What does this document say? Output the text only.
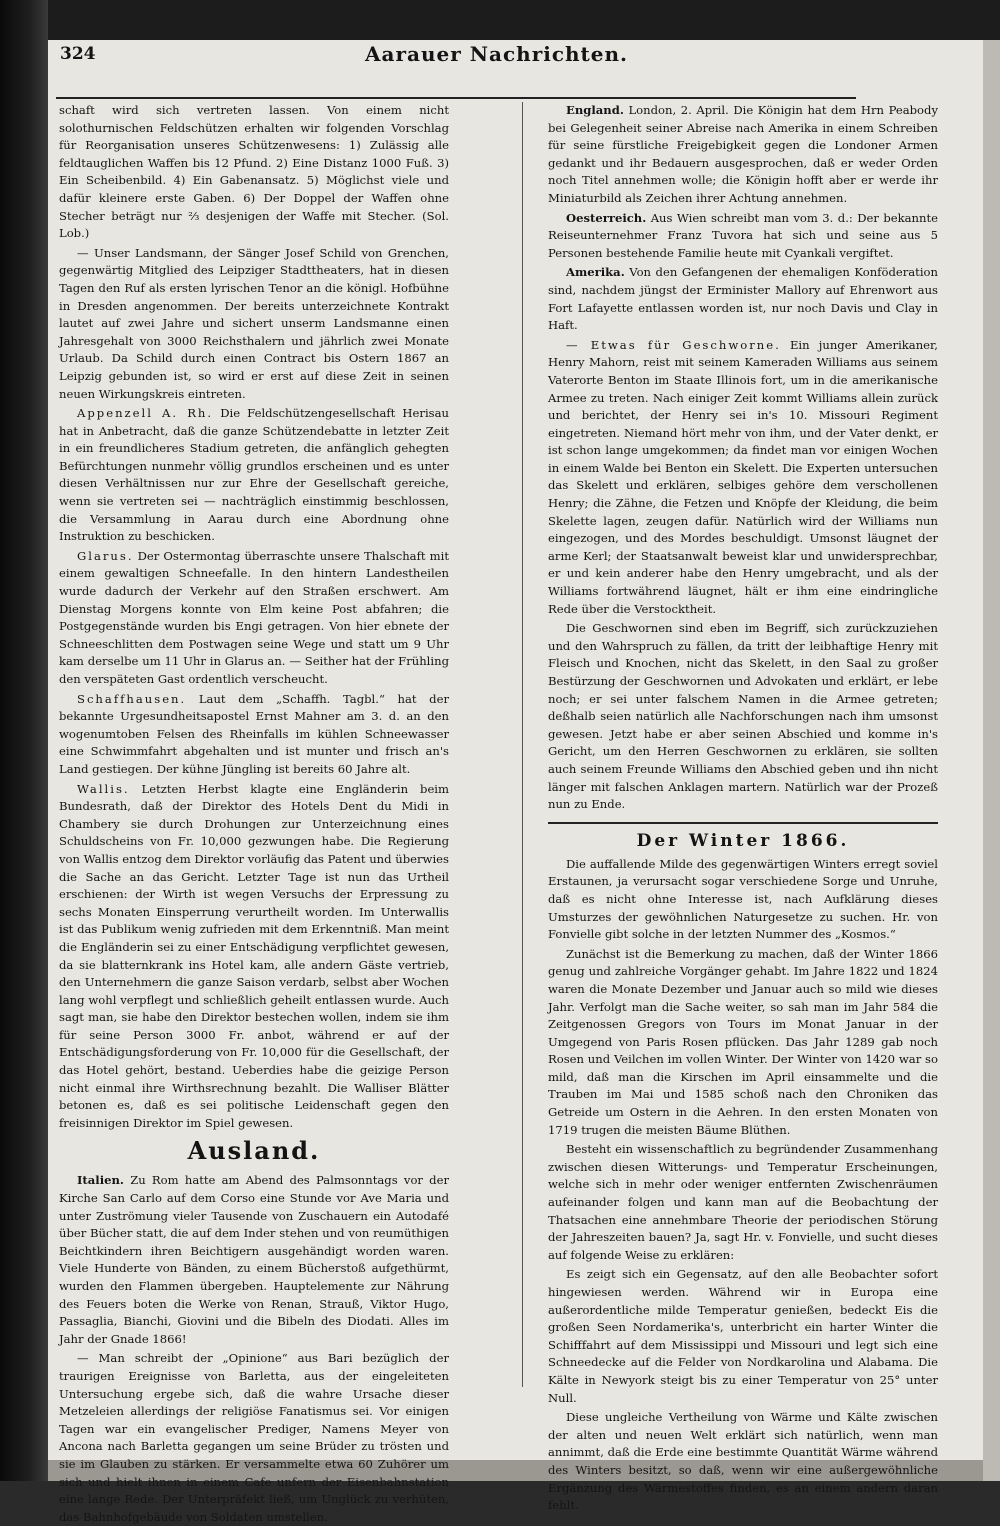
324	Aarauer Nachrichten.

schaft wird sich vertreten lassen. Von einem nicht solothurnischen Feldschützen erhalten wir folgenden Vorschlag für Reorganisation unseres Schützenwesens: 1) Zulässig alle feldtauglichen Waffen bis 12 Pfund. 2) Eine Distanz 1000 Fuß. 3) Ein Scheibenbild. 4) Ein Gabenansatz. 5) Möglichst viele und dafür kleinere erste Gaben. 6) Der Doppel der Waffen ohne Stecher beträgt nur ⅔ desjenigen der Waffe mit Stecher. (Sol. Lob.)

— Unser Landsmann, der Sänger Josef Schild von Grenchen, gegenwärtig Mitglied des Leipziger Stadttheaters, hat in diesen Tagen den Ruf als ersten lyrischen Tenor an die königl. Hofbühne in Dresden angenommen. Der bereits unterzeichnete Kontrakt lautet auf zwei Jahre und sichert unserm Landsmanne einen Jahresgehalt von 3000 Reichsthalern und jährlich zwei Monate Urlaub. Da Schild durch einen Contract bis Ostern 1867 an Leipzig gebunden ist, so wird er erst auf diese Zeit in seinen neuen Wirkungskreis eintreten.

Appenzell A. Rh. Die Feldschützengesellschaft Herisau hat in Anbetracht, daß die ganze Schützendebatte in letzter Zeit in ein freundlicheres Stadium getreten, die anfänglich gehegten Befürchtungen nunmehr völlig grundlos erscheinen und es unter diesen Verhältnissen nur zur Ehre der Gesellschaft gereiche, wenn sie vertreten sei — nachträglich einstimmig beschlossen, die Versammlung in Aarau durch eine Abordnung ohne Instruktion zu beschicken.

Glarus. Der Ostermontag überraschte unsere Thalschaft mit einem gewaltigen Schneefalle. In den hintern Landestheilen wurde dadurch der Verkehr auf den Straßen erschwert. Am Dienstag Morgens konnte von Elm keine Post abfahren; die Postgegenstände wurden bis Engi getragen. Von hier ebnete der Schneeschlitten dem Postwagen seine Wege und statt um 9 Uhr kam derselbe um 11 Uhr in Glarus an. — Seither hat der Frühling den verspäteten Gast ordentlich verscheucht.

Schaffhausen. Laut dem „Schaffh. Tagbl.“ hat der bekannte Urgesundheitsapostel Ernst Mahner am 3. d. an den wogenumtoben Felsen des Rheinfalls im kühlen Schneewasser eine Schwimmfahrt abgehalten und ist munter und frisch an's Land gestiegen. Der kühne Jüngling ist bereits 60 Jahre alt.

Wallis. Letzten Herbst klagte eine Engländerin beim Bundesrath, daß der Direktor des Hotels Dent du Midi in Chambery sie durch Drohungen zur Unterzeichnung eines Schuldscheins von Fr. 10,000 gezwungen habe. Die Regierung von Wallis entzog dem Direktor vorläufig das Patent und überwies die Sache an das Gericht. Letzter Tage ist nun das Urtheil erschienen: der Wirth ist wegen Versuchs der Erpressung zu sechs Monaten Einsperrung verurtheilt worden. Im Unterwallis ist das Publikum wenig zufrieden mit dem Erkenntniß. Man meint die Engländerin sei zu einer Entschädigung verpflichtet gewesen, da sie blatternkrank ins Hotel kam, alle andern Gäste vertrieb, den Unternehmern die ganze Saison verdarb, selbst aber Wochen lang wohl verpflegt und schließlich geheilt entlassen wurde. Auch sagt man, sie habe den Direktor bestechen wollen, indem sie ihm für seine Person 3000 Fr. anbot, während er auf der Entschädigungsforderung von Fr. 10,000 für die Gesellschaft, der das Hotel gehört, bestand. Ueberdies habe die geizige Person nicht einmal ihre Wirthsrechnung bezahlt. Die Walliser Blätter betonen es, daß es sei politische Leidenschaft gegen den freisinnigen Direktor im Spiel gewesen.

Ausland.

Italien. Zu Rom hatte am Abend des Palmsonntags vor der Kirche San Carlo auf dem Corso eine Stunde vor Ave Maria und unter Zuströmung vieler Tausende von Zuschauern ein Autodafé über Bücher statt, die auf dem Inder stehen und von reumüthigen Beichtkindern ihren Beichtigern ausgehändigt worden waren. Viele Hunderte von Bänden, zu einem Bücherstoß aufgethürmt, wurden den Flammen übergeben. Hauptelemente zur Nährung des Feuers boten die Werke von Renan, Strauß, Viktor Hugo, Passaglia, Bianchi, Giovini und die Bibeln des Diodati. Alles im Jahr der Gnade 1866!

— Man schreibt der „Opinione“ aus Bari bezüglich der traurigen Ereignisse von Barletta, aus der eingeleiteten Untersuchung ergebe sich, daß die wahre Ursache dieser Metzeleien allerdings der religiöse Fanatismus sei. Vor einigen Tagen war ein evangelischer Prediger, Namens Meyer von Ancona nach Barletta gegangen um seine Brüder zu trösten und sie im Glauben zu stärken. Er versammelte etwa 60 Zuhörer um sich und hielt ihnen in einem Cafe unfern der Eisenbahnstation eine lange Rede. Der Unterpräfekt ließ, um Unglück zu verhüten, das Bahnhofgebäude von Soldaten umstellen.

England. London, 2. April. Die Königin hat dem Hrn Peabody bei Gelegenheit seiner Abreise nach Amerika in einem Schreiben für seine fürstliche Freigebigkeit gegen die Londoner Armen gedankt und ihr Bedauern ausgesprochen, daß er weder Orden noch Titel annehmen wolle; die Königin hofft aber er werde ihr Miniaturbild als Zeichen ihrer Achtung annehmen.

Oesterreich. Aus Wien schreibt man vom 3. d.: Der bekannte Reiseunternehmer Franz Tuvora hat sich und seine aus 5 Personen bestehende Familie heute mit Cyankali vergiftet.

Amerika. Von den Gefangenen der ehemaligen Konföderation sind, nachdem jüngst der Erminister Mallory auf Ehrenwort aus Fort Lafayette entlassen worden ist, nur noch Davis und Clay in Haft.

— Etwas für Geschworne. Ein junger Amerikaner, Henry Mahorn, reist mit seinem Kameraden Williams aus seinem Vaterorte Benton im Staate Illinois fort, um in die amerikanische Armee zu treten. Nach einiger Zeit kommt Williams allein zurück und berichtet, der Henry sei in's 10. Missouri Regiment eingetreten. Niemand hört mehr von ihm, und der Vater denkt, er ist schon lange umgekommen; da findet man vor einigen Wochen in einem Walde bei Benton ein Skelett. Die Experten untersuchen das Skelett und erklären, selbiges gehöre dem verschollenen Henry; die Zähne, die Fetzen und Knöpfe der Kleidung, die beim Skelette lagen, zeugen dafür. Natürlich wird der Williams nun eingezogen, und des Mordes beschuldigt. Umsonst läugnet der arme Kerl; der Staatsanwalt beweist klar und unwidersprechbar, er und kein anderer habe den Henry umgebracht, und als der Williams fortwährend läugnet, hält er ihm eine eindringliche Rede über die Verstocktheit.

Die Geschwornen sind eben im Begriff, sich zurückzuziehen und den Wahrspruch zu fällen, da tritt der leibhaftige Henry mit Fleisch und Knochen, nicht das Skelett, in den Saal zu großer Bestürzung der Geschwornen und Advokaten und erklärt, er lebe noch; er sei unter falschem Namen in die Armee getreten; deßhalb seien natürlich alle Nachforschungen nach ihm umsonst gewesen. Jetzt habe er aber seinen Abschied und komme in's Gericht, um den Herren Geschwornen zu erklären, sie sollten auch seinem Freunde Williams den Abschied geben und ihn nicht länger mit falschen Anklagen martern. Natürlich war der Prozeß nun zu Ende.

Der Winter 1866.

Die auffallende Milde des gegenwärtigen Winters erregt soviel Erstaunen, ja verursacht sogar verschiedene Sorge und Unruhe, daß es nicht ohne Interesse ist, nach Aufklärung dieses Umsturzes der gewöhnlichen Naturgesetze zu suchen. Hr. von Fonvielle gibt solche in der letzten Nummer des „Kosmos.“

Zunächst ist die Bemerkung zu machen, daß der Winter 1866 genug und zahlreiche Vorgänger gehabt. Im Jahre 1822 und 1824 waren die Monate Dezember und Januar auch so mild wie dieses Jahr. Verfolgt man die Sache weiter, so sah man im Jahr 584 die Zeitgenossen Gregors von Tours im Monat Januar in der Umgegend von Paris Rosen pflücken. Das Jahr 1289 gab noch Rosen und Veilchen im vollen Winter. Der Winter von 1420 war so mild, daß man die Kirschen im April einsammelte und die Trauben im Mai und 1585 schoß nach den Chroniken das Getreide um Ostern in die Aehren. In den ersten Monaten von 1719 trugen die meisten Bäume Blüthen.

Besteht ein wissenschaftlich zu begründender Zusammenhang zwischen diesen Witterungs- und Temperatur Erscheinungen, welche sich in mehr oder weniger entfernten Zwischenräumen aufeinander folgen und kann man auf die Beobachtung der Thatsachen eine annehmbare Theorie der periodischen Störung der Jahreszeiten bauen? Ja, sagt Hr. v. Fonvielle, und sucht dieses auf folgende Weise zu erklären:

Es zeigt sich ein Gegensatz, auf den alle Beobachter sofort hingewiesen werden. Während wir in Europa eine außerordentliche milde Temperatur genießen, bedeckt Eis die großen Seen Nordamerika's, unterbricht ein harter Winter die Schifffahrt auf dem Mississippi und Missouri und legt sich eine Schneedecke auf die Felder von Nordkarolina und Alabama. Die Kälte in Newyork steigt bis zu einer Temperatur von 25° unter Null.

Diese ungleiche Vertheilung von Wärme und Kälte zwischen der alten und neuen Welt erklärt sich natürlich, wenn man annimmt, daß die Erde eine bestimmte Quantität Wärme während des Winters besitzt, so daß, wenn wir eine außergewöhnliche Ergänzung des Wärmestoffes finden, es an einem andern daran fehlt.
